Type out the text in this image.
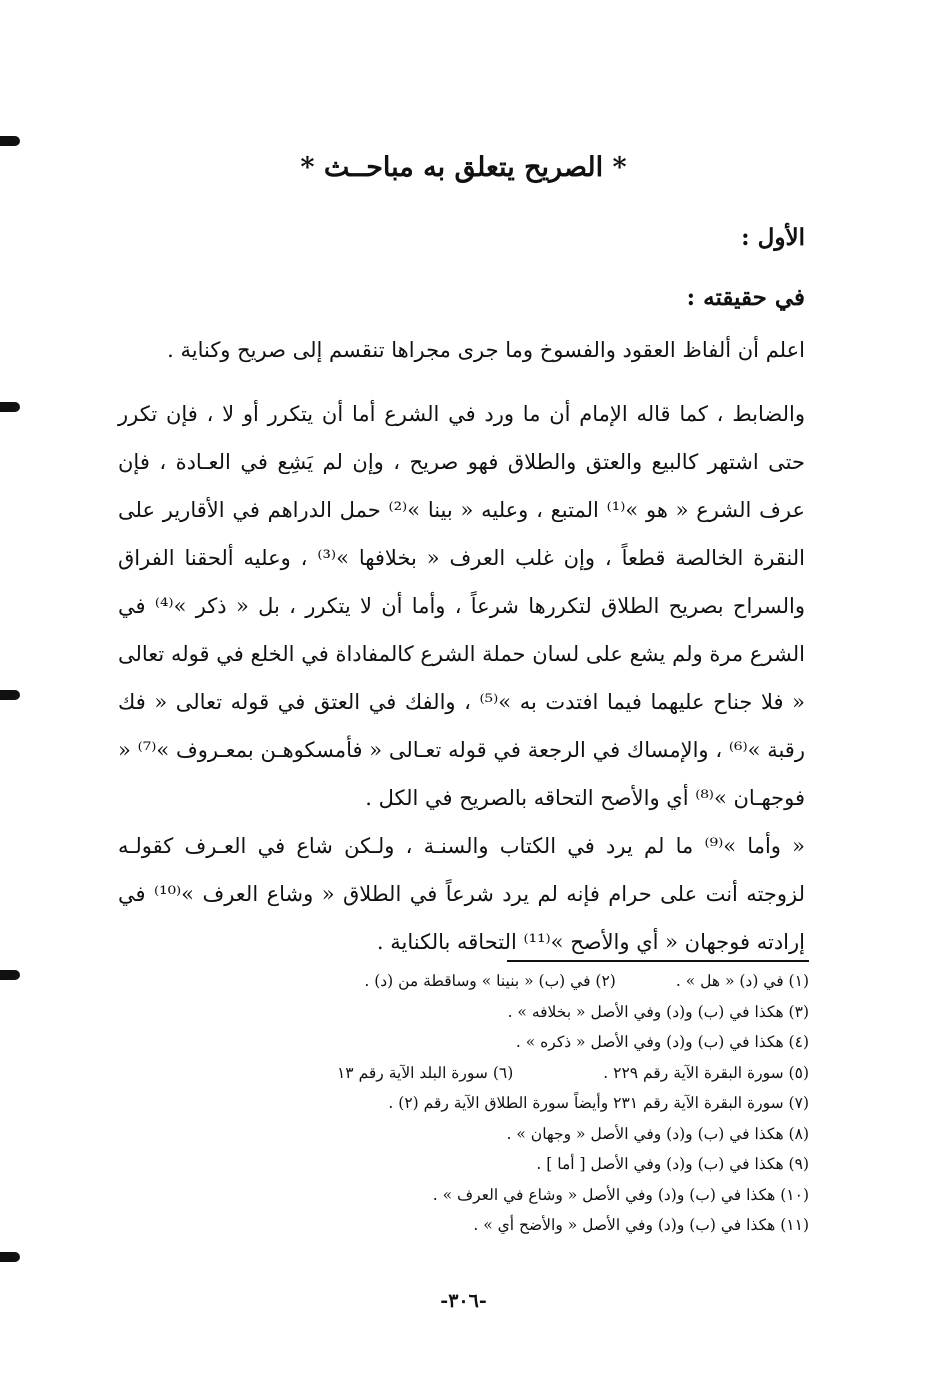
* الصريح يتعلق به مباحــث *
الأول :
في حقيقته :

اعلم أن ألفاظ العقود والفسوخ وما جرى مجراها تنقسم إلى صريح وكناية .

والضابط ، كما قاله الإمام أن ما ورد في الشرع أما أن يتكرر أو لا ، فإن تكرر حتى اشتهر كالبيع والعتق والطلاق فهو صريح ، وإن لم يَشِع في العـادة ، فإن عرف الشرع « هو »⁽¹⁾ المتبع ، وعليه « بينا »⁽²⁾ حمل الدراهم في الأقارير على النقرة الخالصة قطعاً ، وإن غلب العرف « بخلافها »⁽³⁾ ، وعليه ألحقنا الفراق والسراح بصريح الطلاق لتكررها شرعاً ، وأما أن لا يتكرر ، بل « ذكر »⁽⁴⁾ في الشرع مرة ولم يشع على لسان حملة الشرع كالمفاداة في الخلع في قوله تعالى « فلا جناح عليهما فيما افتدت به »⁽⁵⁾ ، والفك في العتق في قوله تعالى « فك رقبة »⁽⁶⁾ ، والإمساك في الرجعة في قوله تعـالى « فأمسكوهـن بمعـروف »⁽⁷⁾ « فوجهـان »⁽⁸⁾ أي والأصح التحاقه بالصريح في الكل .

« وأما »⁽⁹⁾ ما لم يرد في الكتاب والسنـة ، ولـكن شاع في العـرف كقولـه لزوجته أنت على حرام فإنه لم يرد شرعاً في الطلاق « وشاع العرف »⁽¹⁰⁾ في إرادته فوجهان « أي والأصح »⁽¹¹⁾ التحاقه بالكناية .

(١) في (د) « هل » .(٢) في (ب) « بنينا » وساقطة من (د) .
(٣) هكذا في (ب) و(د) وفي الأصل « بخلافه » .
(٤) هكذا في (ب) و(د) وفي الأصل « ذكره » .
(٥) سورة البقرة الآية رقم ٢٢٩ .(٦) سورة البلد الآية رقم ١٣
(٧) سورة البقرة الآية رقم ٢٣١ وأيضاً سورة الطلاق الآية رقم (٢) .
(٨) هكذا في (ب) و(د) وفي الأصل « وجهان » .
(٩) هكذا في (ب) و(د) وفي الأصل [ أما ] .
(١٠) هكذا في (ب) و(د) وفي الأصل « وشاع في العرف » .
(١١) هكذا في (ب) و(د) وفي الأصل « والأضح أي » .
-٣٠٦-
